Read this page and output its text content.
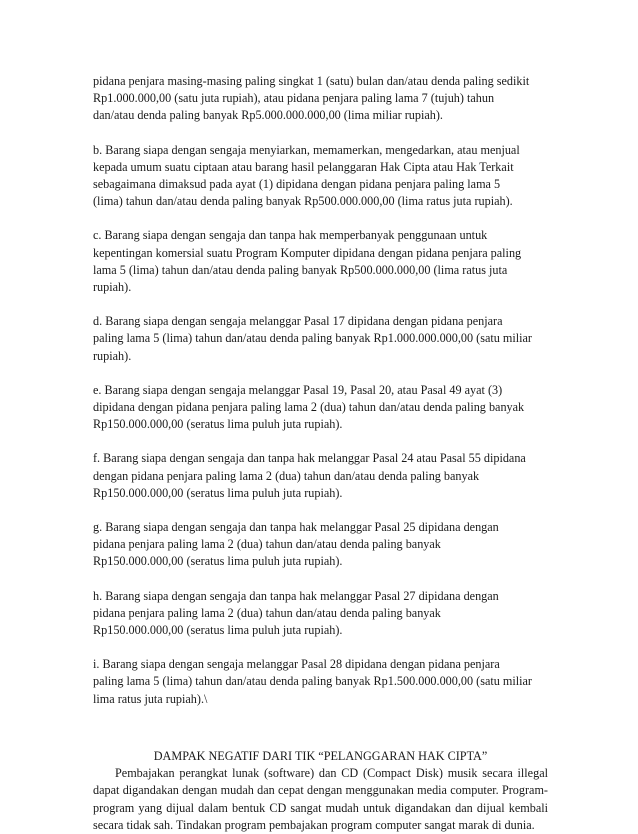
pidana penjara masing-masing paling singkat 1 (satu) bulan dan/atau denda paling sedikit
Rp1.000.000,00 (satu juta rupiah), atau pidana penjara paling lama 7 (tujuh) tahun
dan/atau denda paling banyak Rp5.000.000.000,00 (lima miliar rupiah).

b. Barang siapa dengan sengaja menyiarkan, memamerkan, mengedarkan, atau menjual
kepada umum suatu ciptaan atau barang hasil pelanggaran Hak Cipta atau Hak Terkait
sebagaimana dimaksud pada ayat (1) dipidana dengan pidana penjara paling lama 5
(lima) tahun dan/atau denda paling banyak Rp500.000.000,00 (lima ratus juta rupiah).

c. Barang siapa dengan sengaja dan tanpa hak memperbanyak penggunaan untuk
kepentingan komersial suatu Program Komputer dipidana dengan pidana penjara paling
lama 5 (lima) tahun dan/atau denda paling banyak Rp500.000.000,00 (lima ratus juta
rupiah).

d. Barang siapa dengan sengaja melanggar Pasal 17 dipidana dengan pidana penjara
paling lama 5 (lima) tahun dan/atau denda paling banyak Rp1.000.000.000,00 (satu miliar
rupiah).

e. Barang siapa dengan sengaja melanggar Pasal 19, Pasal 20, atau Pasal 49 ayat (3)
dipidana dengan pidana penjara paling lama 2 (dua) tahun dan/atau denda paling banyak
Rp150.000.000,00 (seratus lima puluh juta rupiah).

f. Barang siapa dengan sengaja dan tanpa hak melanggar Pasal 24 atau Pasal 55 dipidana
dengan pidana penjara paling lama 2 (dua) tahun dan/atau denda paling banyak
Rp150.000.000,00 (seratus lima puluh juta rupiah).

g. Barang siapa dengan sengaja dan tanpa hak melanggar Pasal 25 dipidana dengan
pidana penjara paling lama 2 (dua) tahun dan/atau denda paling banyak
Rp150.000.000,00 (seratus lima puluh juta rupiah).

h. Barang siapa dengan sengaja dan tanpa hak melanggar Pasal 27 dipidana dengan
pidana penjara paling lama 2 (dua) tahun dan/atau denda paling banyak
Rp150.000.000,00 (seratus lima puluh juta rupiah).

i. Barang siapa dengan sengaja melanggar Pasal 28 dipidana dengan pidana penjara
paling lama 5 (lima) tahun dan/atau denda paling banyak Rp1.500.000.000,00 (satu miliar
lima ratus juta rupiah).\

DAMPAK NEGATIF DARI TIK “PELANGGARAN HAK CIPTA”

Pembajakan perangkat lunak (software) dan CD (Compact Disk) musik secara illegal dapat digandakan dengan mudah dan cepat dengan menggunakan media computer. Program-program yang dijual dalam bentuk CD sangat mudah untuk digandakan dan dijual kembali secara tidak sah. Tindakan program pembajakan program computer sangat marak di dunia.
